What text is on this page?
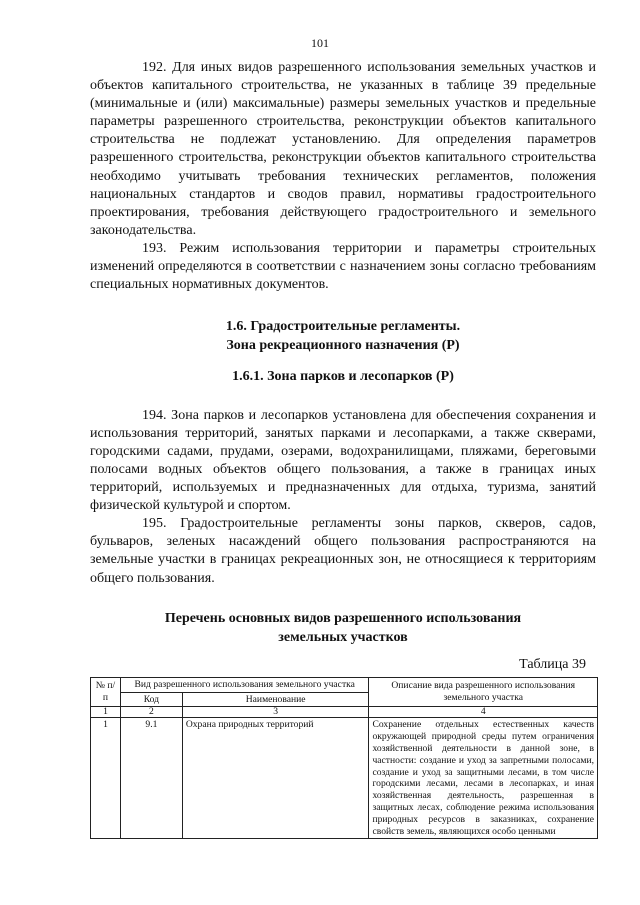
101

192. Для иных видов разрешенного использования земельных участков и объектов капитального строительства, не указанных в таблице 39 предельные (минимальные и (или) максимальные) размеры земельных участков и предельные параметры разрешенного строительства, реконструкции объектов капитального строительства не подлежат установлению. Для определения параметров разрешенного строительства, реконструкции объектов капитального строительства необходимо учитывать требования технических регламентов, положения национальных стандартов и сводов правил, нормативы градостроительного проектирования, требования действующего градостроительного и земельного законодательства.

193. Режим использования территории и параметры строительных изменений определяются в соответствии с назначением зоны согласно требованиям специальных нормативных документов.

1.6. Градостроительные регламенты.
Зона рекреационного назначения (Р)
1.6.1. Зона парков и лесопарков (Р)

194. Зона парков и лесопарков установлена для обеспечения сохранения и использования территорий, занятых парками и лесопарками, а также скверами, городскими садами, прудами, озерами, водохранилищами, пляжами, береговыми полосами водных объектов общего пользования, а также в границах иных территорий, используемых и предназначенных для отдыха, туризма, занятий физической культурой и спортом.

195. Градостроительные регламенты зоны парков, скверов, садов, бульваров, зеленых насаждений общего пользования распространяются на земельные участки в границах рекреационных зон, не относящиеся к территориям общего пользования.

Перечень основных видов разрешенного использования
земельных участков
Таблица 39
№ п/п	Вид разрешенного использования земельного участка		Описание вида разрешенного использования земельного участка
	Код	Наименование	
1	2	3	4
1	9.1	Охрана природных территорий	Сохранение отдельных естественных качеств окружающей природной среды путем ограничения хозяйственной деятельности в данной зоне, в частности: создание и уход за запретными полосами, создание и уход за защитными лесами, в том числе городскими лесами, лесами в лесопарках, и иная хозяйственная деятельность, разрешенная в защитных лесах, соблюдение режима использования природных ресурсов в заказниках, сохранение свойств земель, являющихся особо ценными
